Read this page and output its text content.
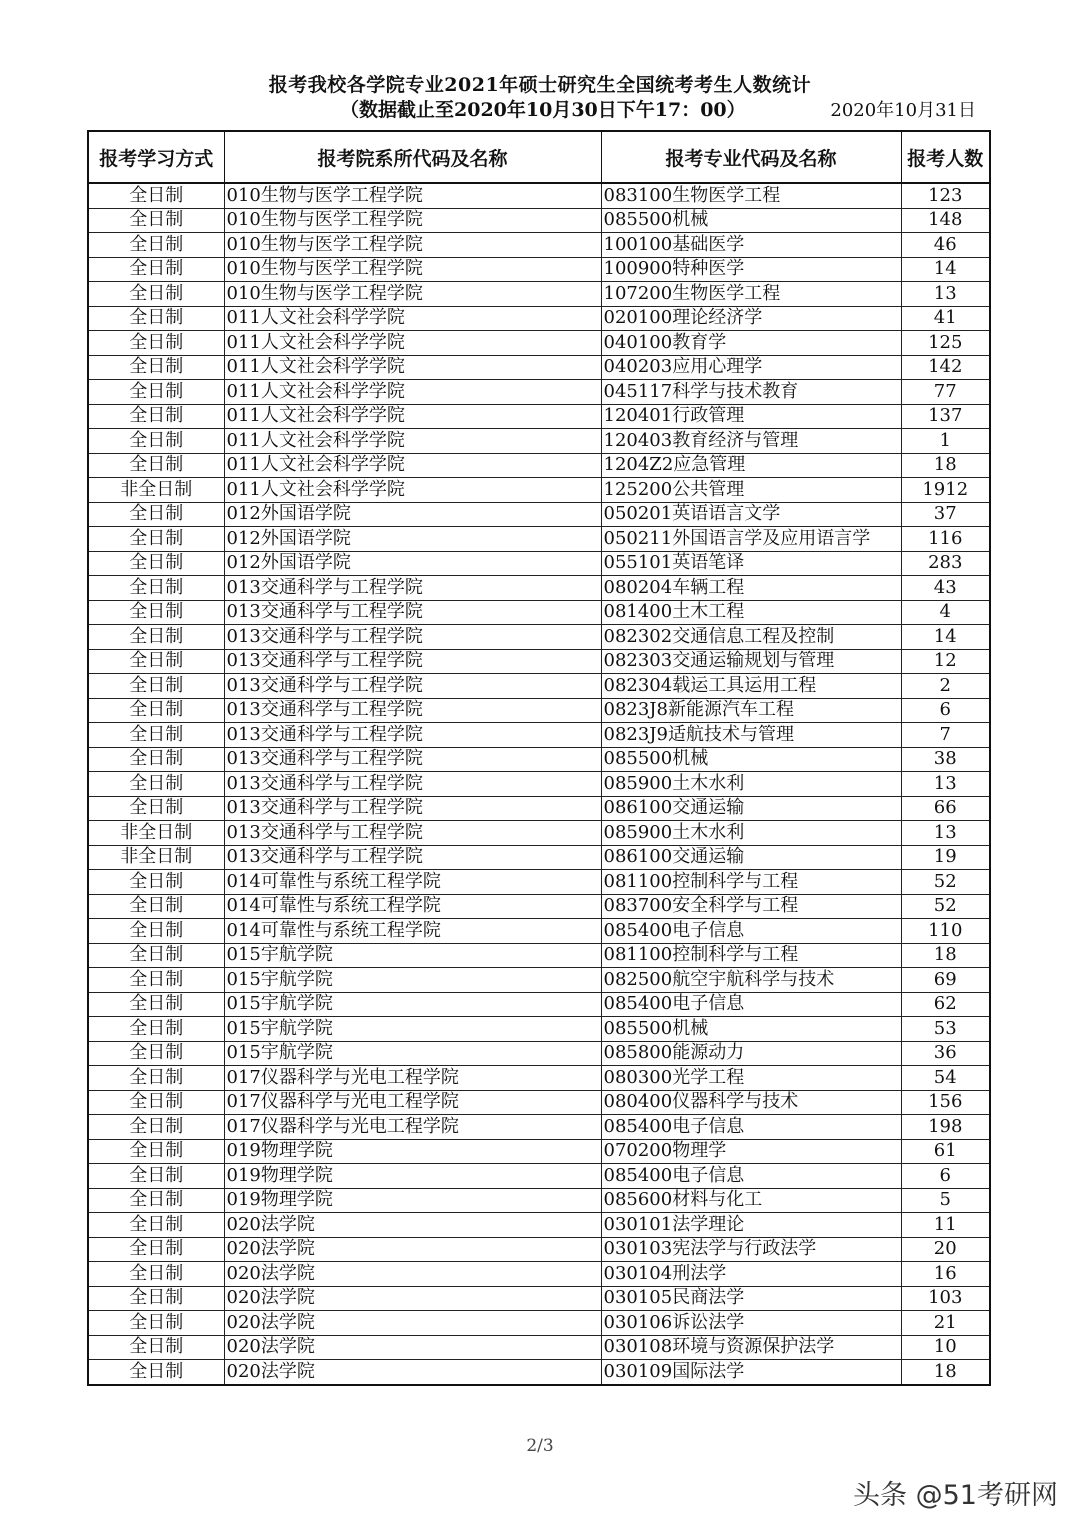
报考我校各学院专业2021年硕士研究生全国统考考生人数统计
（数据截止至2020年10月30日下午17：00）	2020年10月31日
报考学习方式	报考院系所代码及名称	报考专业代码及名称	报考人数
全日制	010生物与医学工程学院	083100生物医学工程	123
全日制	010生物与医学工程学院	085500机械	148
全日制	010生物与医学工程学院	100100基础医学	46
全日制	010生物与医学工程学院	100900特种医学	14
全日制	010生物与医学工程学院	107200生物医学工程	13
全日制	011人文社会科学学院	020100理论经济学	41
全日制	011人文社会科学学院	040100教育学	125
全日制	011人文社会科学学院	040203应用心理学	142
全日制	011人文社会科学学院	045117科学与技术教育	77
全日制	011人文社会科学学院	120401行政管理	137
全日制	011人文社会科学学院	120403教育经济与管理	1
全日制	011人文社会科学学院	1204Z2应急管理	18
非全日制	011人文社会科学学院	125200公共管理	1912
全日制	012外国语学院	050201英语语言文学	37
全日制	012外国语学院	050211外国语言学及应用语言学	116
全日制	012外国语学院	055101英语笔译	283
全日制	013交通科学与工程学院	080204车辆工程	43
全日制	013交通科学与工程学院	081400土木工程	4
全日制	013交通科学与工程学院	082302交通信息工程及控制	14
全日制	013交通科学与工程学院	082303交通运输规划与管理	12
全日制	013交通科学与工程学院	082304载运工具运用工程	2
全日制	013交通科学与工程学院	0823J8新能源汽车工程	6
全日制	013交通科学与工程学院	0823J9适航技术与管理	7
全日制	013交通科学与工程学院	085500机械	38
全日制	013交通科学与工程学院	085900土木水利	13
全日制	013交通科学与工程学院	086100交通运输	66
非全日制	013交通科学与工程学院	085900土木水利	13
非全日制	013交通科学与工程学院	086100交通运输	19
全日制	014可靠性与系统工程学院	081100控制科学与工程	52
全日制	014可靠性与系统工程学院	083700安全科学与工程	52
全日制	014可靠性与系统工程学院	085400电子信息	110
全日制	015宇航学院	081100控制科学与工程	18
全日制	015宇航学院	082500航空宇航科学与技术	69
全日制	015宇航学院	085400电子信息	62
全日制	015宇航学院	085500机械	53
全日制	015宇航学院	085800能源动力	36
全日制	017仪器科学与光电工程学院	080300光学工程	54
全日制	017仪器科学与光电工程学院	080400仪器科学与技术	156
全日制	017仪器科学与光电工程学院	085400电子信息	198
全日制	019物理学院	070200物理学	61
全日制	019物理学院	085400电子信息	6
全日制	019物理学院	085600材料与化工	5
全日制	020法学院	030101法学理论	11
全日制	020法学院	030103宪法学与行政法学	20
全日制	020法学院	030104刑法学	16
全日制	020法学院	030105民商法学	103
全日制	020法学院	030106诉讼法学	21
全日制	020法学院	030108环境与资源保护法学	10
全日制	020法学院	030109国际法学	18
2/3
头条 @51考研网
